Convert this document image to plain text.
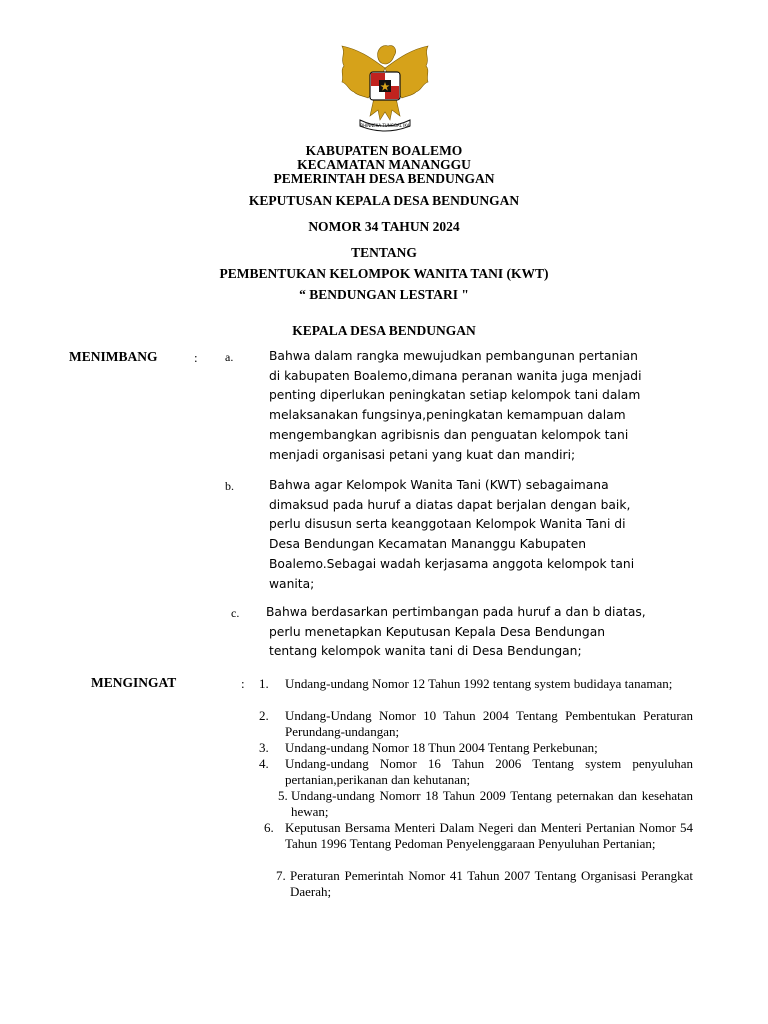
BHINNEKA TUNGGAL IKA

KABUPATEN BOALEMO

KECAMATAN MANANGGU

PEMERINTAH DESA BENDUNGAN

KEPUTUSAN KEPALA DESA BENDUNGAN

NOMOR 34 TAHUN 2024

TENTANG

PEMBENTUKAN KELOMPOK WANITA TANI (KWT)

“ BENDUNGAN LESTARI "

KEPALA DESA BENDUNGAN

MENIMBANG	: a.	Bahwa dalam rangka mewujudkan pembangunan pertanian
di kabupaten Boalemo,dimana peranan wanita juga menjadi
penting diperlukan peningkatan setiap kelompok tani dalam
melaksanakan fungsinya,peningkatan kemampuan dalam
mengembangkan agribisnis dan penguatan kelompok tani
menjadi organisasi petani yang kuat dan mandiri;
b.	Bahwa agar Kelompok Wanita Tani (KWT) sebagaimana
dimaksud pada huruf a diatas dapat berjalan dengan baik,
perlu disusun serta keanggotaan Kelompok Wanita Tani di
Desa Bendungan Kecamatan Mananggu Kabupaten
Boalemo.Sebagai wadah kerjasama anggota kelompok tani
wanita;
c. Bahwa berdasarkan pertimbangan pada huruf a dan b diatas,
perlu menetapkan Keputusan Kepala Desa Bendungan
tentang kelompok wanita tani di Desa Bendungan;
MENGINGAT	: 1. Undang-undang Nomor 12 Tahun 1992 tentang system budidaya tanaman;

2. Undang-Undang Nomor 10 Tahun 2004 Tentang Pembentukan Peraturan Perundang-undangan;

3. Undang-undang Nomor 18 Thun 2004 Tentang Perkebunan;

4. Undang-undang Nomor 16 Tahun 2006 Tentang system penyuluhan pertanian,perikanan dan kehutanan;

5. Undang-undang Nomorr 18 Tahun 2009 Tentang peternakan dan kesehatan hewan;

6. Keputusan Bersama Menteri Dalam Negeri dan Menteri Pertanian Nomor 54 Tahun 1996 Tentang Pedoman Penyelenggaraan Penyuluhan Pertanian;

7. Peraturan Pemerintah Nomor 41 Tahun 2007 Tentang Organisasi Perangkat Daerah;
